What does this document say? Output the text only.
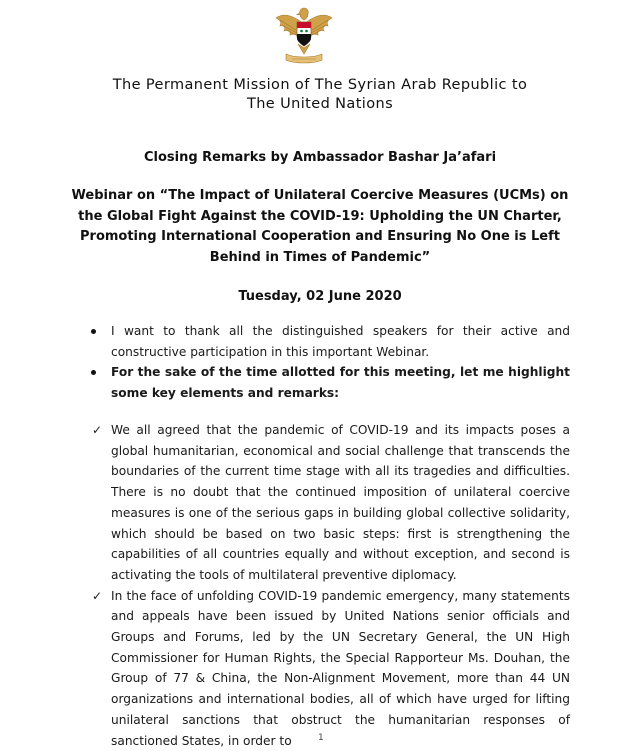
The Permanent Mission of The Syrian Arab Republic to
The United Nations
Closing Remarks by Ambassador Bashar Ja’afari
Webinar on “The Impact of Unilateral Coercive Measures (UCMs) on the Global Fight Against the COVID-19: Upholding the UN Charter, Promoting International Cooperation and Ensuring No One is Left Behind in Times of Pandemic”
Tuesday, 02 June 2020
I want to thank all the distinguished speakers for their active and constructive participation in this important Webinar.
For the sake of the time allotted for this meeting, let me highlight some key elements and remarks:
✓ We all agreed that the pandemic of COVID-19 and its impacts poses a global humanitarian, economical and social challenge that transcends the boundaries of the current time stage with all its tragedies and difficulties. There is no doubt that the continued imposition of unilateral coercive measures is one of the serious gaps in building global collective solidarity, which should be based on two basic steps: first is strengthening the capabilities of all countries equally and without exception, and second is activating the tools of multilateral preventive diplomacy.
✓ In the face of unfolding COVID-19 pandemic emergency, many statements and appeals have been issued by United Nations senior officials and Groups and Forums, led by the UN Secretary General, the UN High Commissioner for Human Rights, the Special Rapporteur Ms. Douhan, the Group of 77 & China, the Non-Alignment Movement, more than 44 UN organizations and international bodies, all of which have urged for lifting unilateral sanctions that obstruct the humanitarian responses of sanctioned States, in order to	1
